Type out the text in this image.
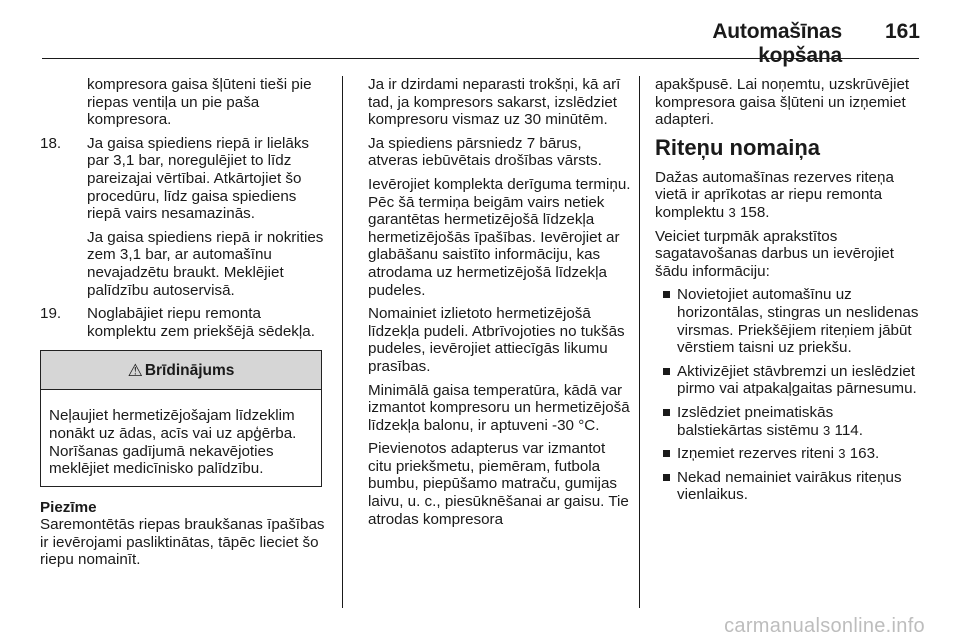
Automašīnas kopšana
161

kompresora gaisa šļūteni tieši pie riepas ventiļa un pie paša kompresora.

18. Ja gaisa spiediens riepā ir lielāks par 3,1 bar, noregulējiet to līdz pareizajai vērtībai. Atkārtojiet šo procedūru, līdz gaisa spiediens riepā vairs nesamazinās.

Ja gaisa spiediens riepā ir nokrities zem 3,1 bar, ar automašīnu nevajadzētu braukt. Meklējiet palīdzību autoservisā.

19. Noglabājiet riepu remonta komplektu zem priekšējā sēdekļa.

⚠ Brīdinājums
Neļaujiet hermetizējošajam līdzeklim nonākt uz ādas, acīs vai uz apģērba. Norīšanas gadījumā nekavējoties meklējiet medicīnisko palīdzību.

Piezīme

Saremontētās riepas braukšanas īpašības ir ievērojami pasliktinātas, tāpēc lieciet šo riepu nomainīt.

Ja ir dzirdami neparasti trokšņi, kā arī tad, ja kompresors sakarst, izslēdziet kompresoru vismaz uz 30 minūtēm.

Ja spiediens pārsniedz 7 bārus, atveras iebūvētais drošības vārsts.

Ievērojiet komplekta derīguma termiņu. Pēc šā termiņa beigām vairs netiek garantētas hermetizējošā līdzekļa hermetizējošās īpašības. Ievērojiet ar glabāšanu saistīto informāciju, kas atrodama uz hermetizējošā līdzekļa pudeles.

Nomainiet izlietoto hermetizējošā līdzekļa pudeli. Atbrīvojoties no tukšās pudeles, ievērojiet attiecīgās likumu prasības.

Minimālā gaisa temperatūra, kādā var izmantot kompresoru un hermetizējošā līdzekļa balonu, ir aptuveni -30 °C.

Pievienotos adapterus var izmantot citu priekšmetu, piemēram, futbola bumbu, piepūšamo matraču, gumijas laivu, u. c., piesūknēšanai ar gaisu. Tie atrodas kompresora

apakšpusē. Lai noņemtu, uzskrūvējiet kompresora gaisa šļūteni un izņemiet adapteri.

Riteņu nomaiņa

Dažas automašīnas rezerves riteņa vietā ir aprīkotas ar riepu remonta komplektu 3 158.

Veiciet turpmāk aprakstītos sagatavošanas darbus un ievērojiet šādu informāciju:

Novietojiet automašīnu uz horizontālas, stingras un neslidenas virsmas. Priekšējiem riteņiem jābūt vērstiem taisni uz priekšu.
Aktivizējiet stāvbremzi un ieslēdziet pirmo vai atpakaļgaitas pārnesumu.
Izslēdziet pneimatiskās balstiekārtas sistēmu 3 114.
Izņemiet rezerves riteni 3 163.
Nekad nemainiet vairākus riteņus vienlaikus.
carmanualsonline.info
